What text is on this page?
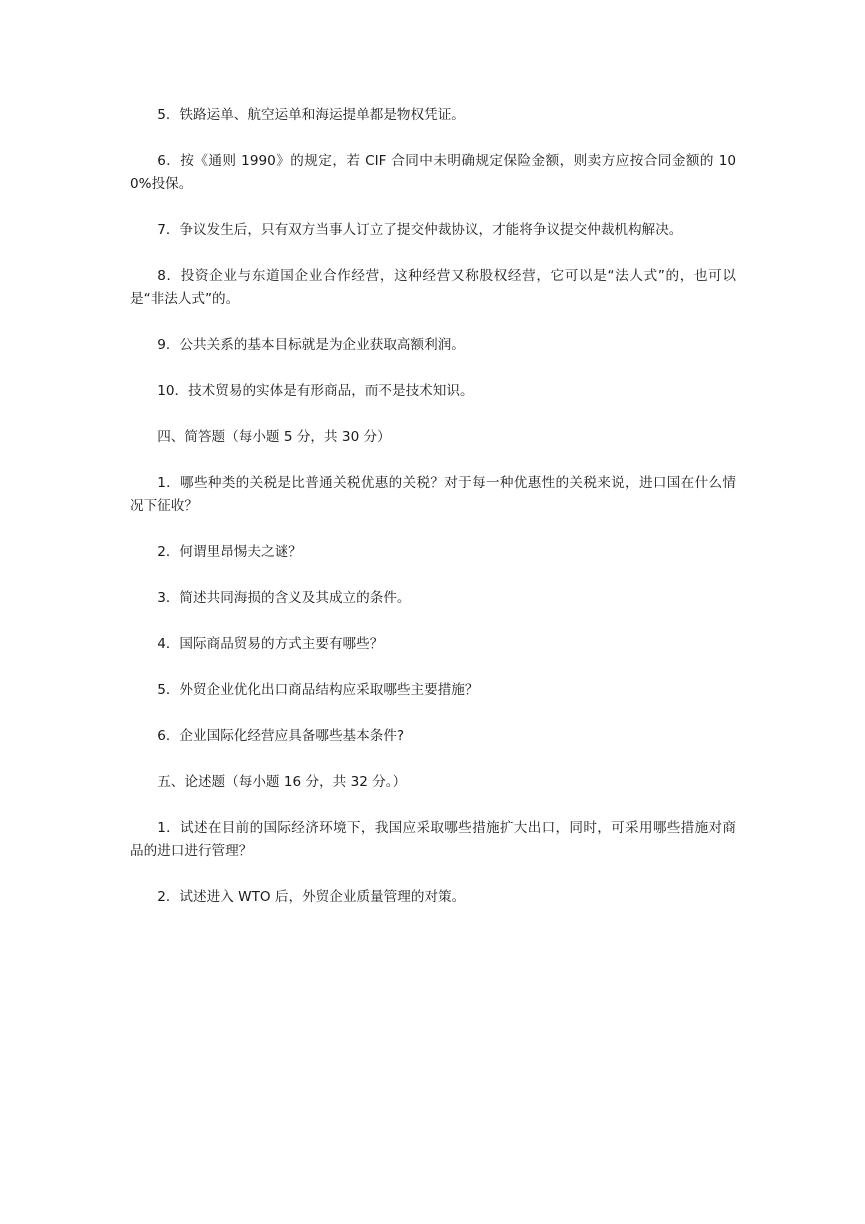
5．铁路运单、航空运单和海运提单都是物权凭证。

6．按《通则 1990》的规定，若 CIF 合同中未明确规定保险金额，则卖方应按合同金额的 100%投保。

7．争议发生后，只有双方当事人订立了提交仲裁协议，才能将争议提交仲裁机构解决。

8．投资企业与东道国企业合作经营，这种经营又称股权经营，它可以是“法人式”的，也可以是“非法人式”的。

9．公共关系的基本目标就是为企业获取高额利润。

10．技术贸易的实体是有形商品，而不是技术知识。

四、简答题（每小题 5 分，共 30 分）

1．哪些种类的关税是比普通关税优惠的关税？对于每一种优惠性的关税来说，进口国在什么情况下征收？

2．何谓里昂惕夫之谜？

3．简述共同海损的含义及其成立的条件。

4．国际商品贸易的方式主要有哪些？

5．外贸企业优化出口商品结构应采取哪些主要措施？

6．企业国际化经营应具备哪些基本条件?

五、论述题（每小题 16 分，共 32 分。）

1．试述在目前的国际经济环境下，我国应采取哪些措施扩大出口，同时，可采用哪些措施对商品的进口进行管理？

2．试述进入 WTO 后，外贸企业质量管理的对策。
